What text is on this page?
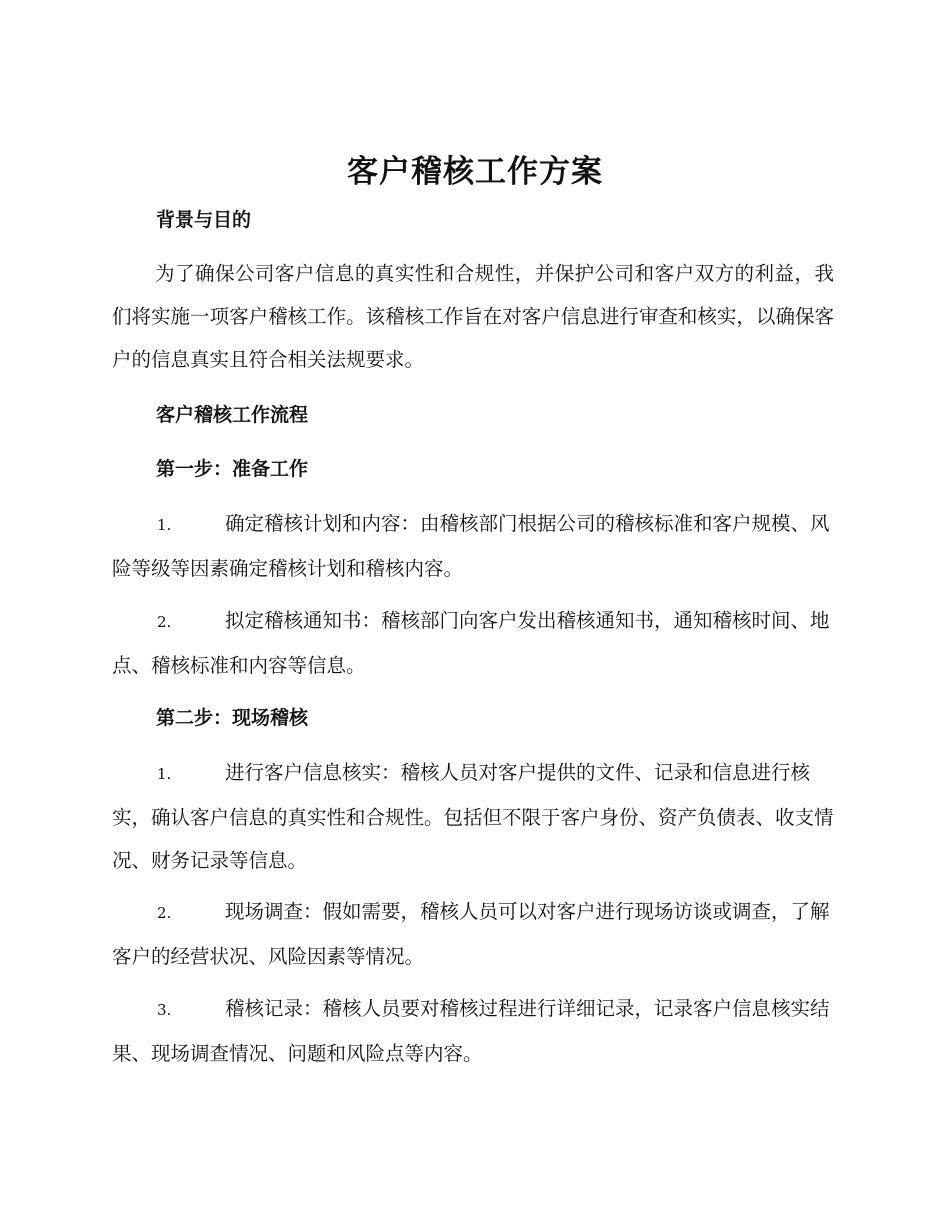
客户稽核工作方案
背景与目的

为了确保公司客户信息的真实性和合规性，并保护公司和客户双方的利益，我们将实施一项客户稽核工作。该稽核工作旨在对客户信息进行审查和核实，以确保客户的信息真实且符合相关法规要求。

客户稽核工作流程
第一步：准备工作

1.	确定稽核计划和内容：由稽核部门根据公司的稽核标准和客户规模、风险等级等因素确定稽核计划和稽核内容。

2.	拟定稽核通知书：稽核部门向客户发出稽核通知书，通知稽核时间、地点、稽核标准和内容等信息。

第二步：现场稽核

1.	进行客户信息核实：稽核人员对客户提供的文件、记录和信息进行核实，确认客户信息的真实性和合规性。包括但不限于客户身份、资产负债表、收支情况、财务记录等信息。

2.	现场调查：假如需要，稽核人员可以对客户进行现场访谈或调查，了解客户的经营状况、风险因素等情况。

3.	稽核记录：稽核人员要对稽核过程进行详细记录，记录客户信息核实结果、现场调查情况、问题和风险点等内容。
